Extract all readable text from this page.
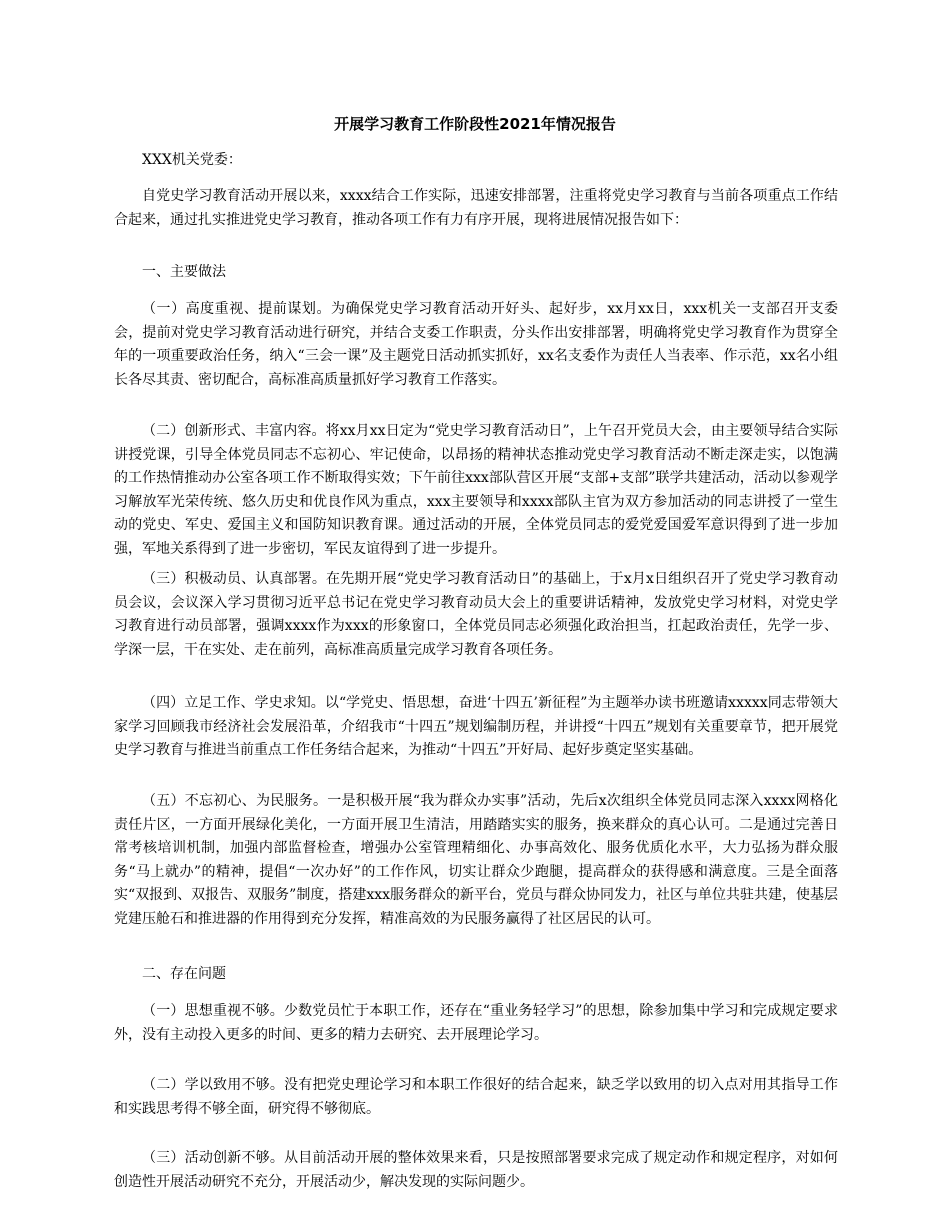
开展学习教育工作阶段性2021年情况报告

XXX机关党委：

自党史学习教育活动开展以来，xxxx结合工作实际，迅速安排部署，注重将党史学习教育与当前各项重点工作结合起来，通过扎实推进党史学习教育，推动各项工作有力有序开展，现将进展情况报告如下：

一、主要做法

（一）高度重视、提前谋划。为确保党史学习教育活动开好头、起好步，xx月xx日，xxx机关一支部召开支委会，提前对党史学习教育活动进行研究，并结合支委工作职责，分头作出安排部署，明确将党史学习教育作为贯穿全年的一项重要政治任务，纳入“三会一课”及主题党日活动抓实抓好，xx名支委作为责任人当表率、作示范，xx名小组长各尽其责、密切配合，高标准高质量抓好学习教育工作落实。

（二）创新形式、丰富内容。将xx月xx日定为“党史学习教育活动日”，上午召开党员大会，由主要领导结合实际讲授党课，引导全体党员同志不忘初心、牢记使命，以昂扬的精神状态推动党史学习教育活动不断走深走实，以饱满的工作热情推动办公室各项工作不断取得实效；下午前往xxx部队营区开展“支部+支部”联学共建活动，活动以参观学习解放军光荣传统、悠久历史和优良作风为重点，xxx主要领导和xxxx部队主官为双方参加活动的同志讲授了一堂生动的党史、军史、爱国主义和国防知识教育课。通过活动的开展，全体党员同志的爱党爱国爱军意识得到了进一步加强，军地关系得到了进一步密切，军民友谊得到了进一步提升。

（三）积极动员、认真部署。在先期开展“党史学习教育活动日”的基础上，于x月x日组织召开了党史学习教育动员会议，会议深入学习贯彻习近平总书记在党史学习教育动员大会上的重要讲话精神，发放党史学习材料，对党史学习教育进行动员部署，强调xxxx作为xxx的形象窗口，全体党员同志必须强化政治担当，扛起政治责任，先学一步、学深一层，干在实处、走在前列，高标准高质量完成学习教育各项任务。

（四）立足工作、学史求知。以“学党史、悟思想，奋进‘十四五’新征程”为主题举办读书班邀请xxxxx同志带领大家学习回顾我市经济社会发展沿革，介绍我市“十四五”规划编制历程，并讲授“十四五”规划有关重要章节，把开展党史学习教育与推进当前重点工作任务结合起来，为推动“十四五”开好局、起好步奠定坚实基础。

（五）不忘初心、为民服务。一是积极开展“我为群众办实事”活动，先后x次组织全体党员同志深入xxxx网格化责任片区，一方面开展绿化美化，一方面开展卫生清洁，用踏踏实实的服务，换来群众的真心认可。二是通过完善日常考核培训机制，加强内部监督检查，增强办公室管理精细化、办事高效化、服务优质化水平，大力弘扬为群众服务“马上就办”的精神，提倡“一次办好”的工作作风，切实让群众少跑腿，提高群众的获得感和满意度。三是全面落实“双报到、双报告、双服务”制度，搭建xxx服务群众的新平台，党员与群众协同发力，社区与单位共驻共建，使基层党建压舱石和推进器的作用得到充分发挥，精准高效的为民服务赢得了社区居民的认可。

二、存在问题

（一）思想重视不够。少数党员忙于本职工作，还存在“重业务轻学习”的思想，除参加集中学习和完成规定要求外，没有主动投入更多的时间、更多的精力去研究、去开展理论学习。

（二）学以致用不够。没有把党史理论学习和本职工作很好的结合起来，缺乏学以致用的切入点对用其指导工作和实践思考得不够全面，研究得不够彻底。

（三）活动创新不够。从目前活动开展的整体效果来看，只是按照部署要求完成了规定动作和规定程序，对如何创造性开展活动研究不充分，开展活动少，解决发现的实际问题少。
